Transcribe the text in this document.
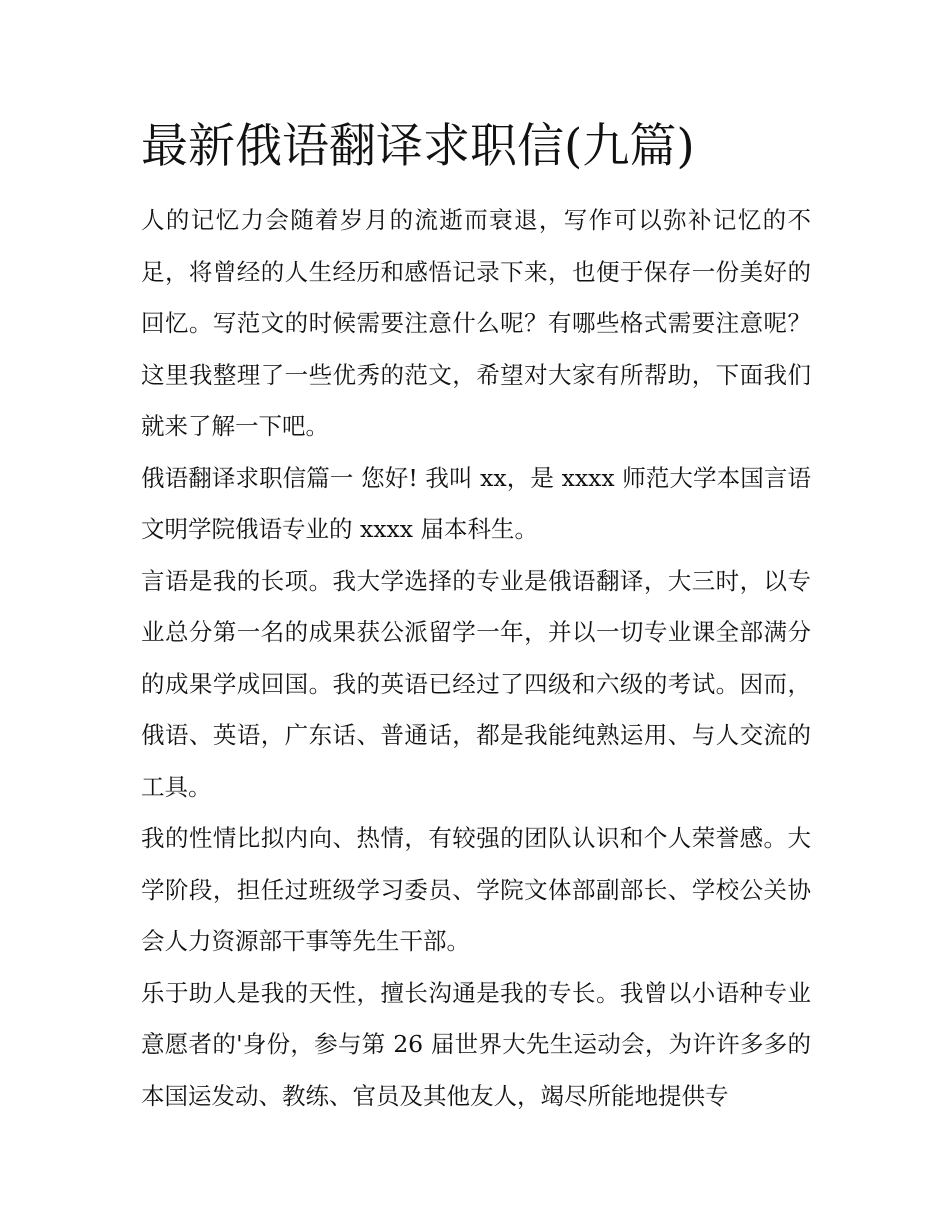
最新俄语翻译求职信(九篇)

人的记忆力会随着岁月的流逝而衰退，写作可以弥补记忆的不足，将曾经的人生经历和感悟记录下来，也便于保存一份美好的回忆。写范文的时候需要注意什么呢？有哪些格式需要注意呢？这里我整理了一些优秀的范文，希望对大家有所帮助，下面我们就来了解一下吧。

俄语翻译求职信篇一 您好! 我叫 xx，是 xxxx 师范大学本国言语文明学院俄语专业的 xxxx 届本科生。

言语是我的长项。我大学选择的专业是俄语翻译，大三时，以专业总分第一名的成果获公派留学一年，并以一切专业课全部满分的成果学成回国。我的英语已经过了四级和六级的考试。因而，俄语、英语，广东话、普通话，都是我能纯熟运用、与人交流的工具。

我的性情比拟内向、热情，有较强的团队认识和个人荣誉感。大学阶段，担任过班级学习委员、学院文体部副部长、学校公关协会人力资源部干事等先生干部。

乐于助人是我的天性，擅长沟通是我的专长。我曾以小语种专业意愿者的'身份，参与第 26 届世界大先生运动会，为许许多多的本国运发动、教练、官员及其他友人，竭尽所能地提供专
